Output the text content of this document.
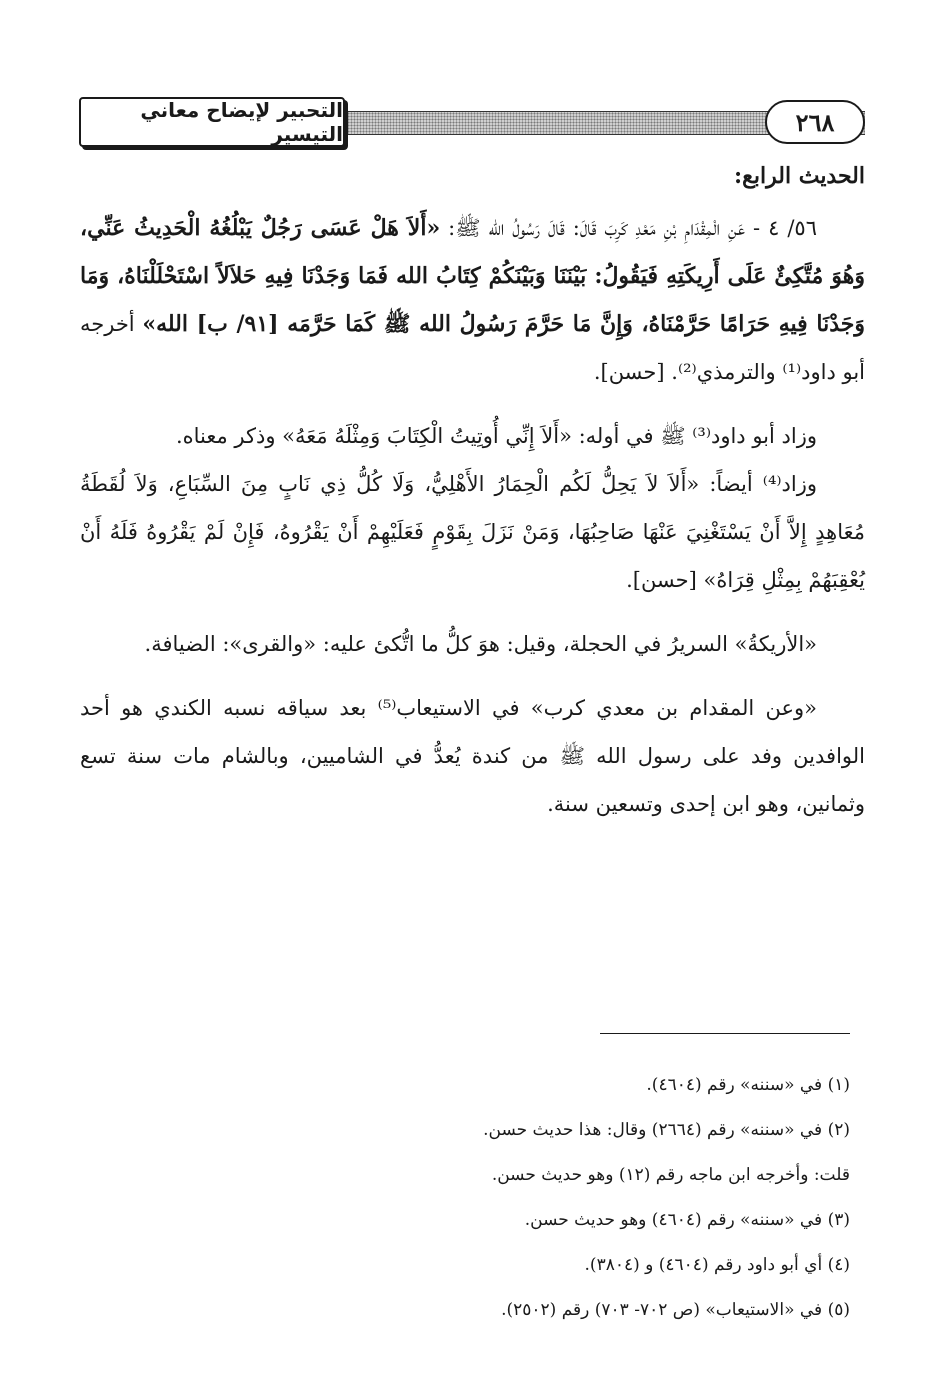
التحبير لإيضاح معاني التيسير	٢٦٨

الحديث الرابع:

٥٦/ ٤ - عَنِ الْمِقْدَامِ بْنِ مَعْدِ كَرِبَ قَالَ: قَالَ رَسُولُ الله ﷺ: «أَلاَ هَلْ عَسَى رَجُلٌ يَبْلُغُهُ الْحَدِيثُ عَنِّي، وَهُوَ مُتَّكِئٌ عَلَى أَرِيكَتِهِ فَيَقُولُ: بَيْنَنَا وَبَيْنَكُمْ كِتَابُ الله فَمَا وَجَدْنَا فِيهِ حَلاَلاً اسْتَحْلَلْنَاهُ، وَمَا وَجَدْنَا فِيهِ حَرَامًا حَرَّمْنَاهُ، وَإِنَّ مَا حَرَّمَ رَسُولُ الله ﷺ كَمَا حَرَّمَه [٩١/ ب] الله» أخرجه أبو داود⁽¹⁾ والترمذي⁽²⁾. [حسن].

وزاد أبو داود⁽³⁾ ﷺ في أوله: «أَلاَ إِنِّي أُوتِيتُ الْكِتَابَ وَمِثْلَهُ مَعَهُ» وذكر معناه.

وزاد⁽⁴⁾ أيضاً: «أَلاَ لاَ يَحِلُّ لَكُم الْحِمَارُ الأَهْلِيُّ، وَلَا كُلُّ ذِي نَابٍ مِنَ السِّبَاعِ، وَلاَ لُقَطَةُ مُعَاهِدٍ إِلاَّ أَنْ يَسْتَغْنِيَ عَنْهَا صَاحِبُهَا، وَمَنْ نَزَلَ بِقَوْمٍ فَعَلَيْهِمْ أَنْ يَقْرُوهُ، فَإِنْ لَمْ يَقْرُوهُ فَلَهُ أَنْ يُعْقِبَهُمْ بِمِثْلِ قِرَاهُ» [حسن].

«الأريكةُ» السريرُ في الحجلة، وقيل: هوَ كلُّ ما اتُّكئ عليه: «والقرى»: الضيافة.

«وعن المقدام بن معدي كرب» في الاستيعاب⁽⁵⁾ بعد سياقه نسبه الكندي هو أحد الوافدين وفد على رسول الله ﷺ من كندة يُعدُّ في الشاميين، وبالشام مات سنة تسع وثمانين، وهو ابن إحدى وتسعين سنة.

(١) في «سننه» رقم (٤٦٠٤).

(٢) في «سننه» رقم (٢٦٦٤) وقال: هذا حديث حسن.

قلت: وأخرجه ابن ماجه رقم (١٢) وهو حديث حسن.

(٣) في «سننه» رقم (٤٦٠٤) وهو حديث حسن.

(٤) أي أبو داود رقم (٤٦٠٤) و (٣٨٠٤).

(٥) في «الاستيعاب» (ص ٧٠٢- ٧٠٣) رقم (٢٥٠٢).
